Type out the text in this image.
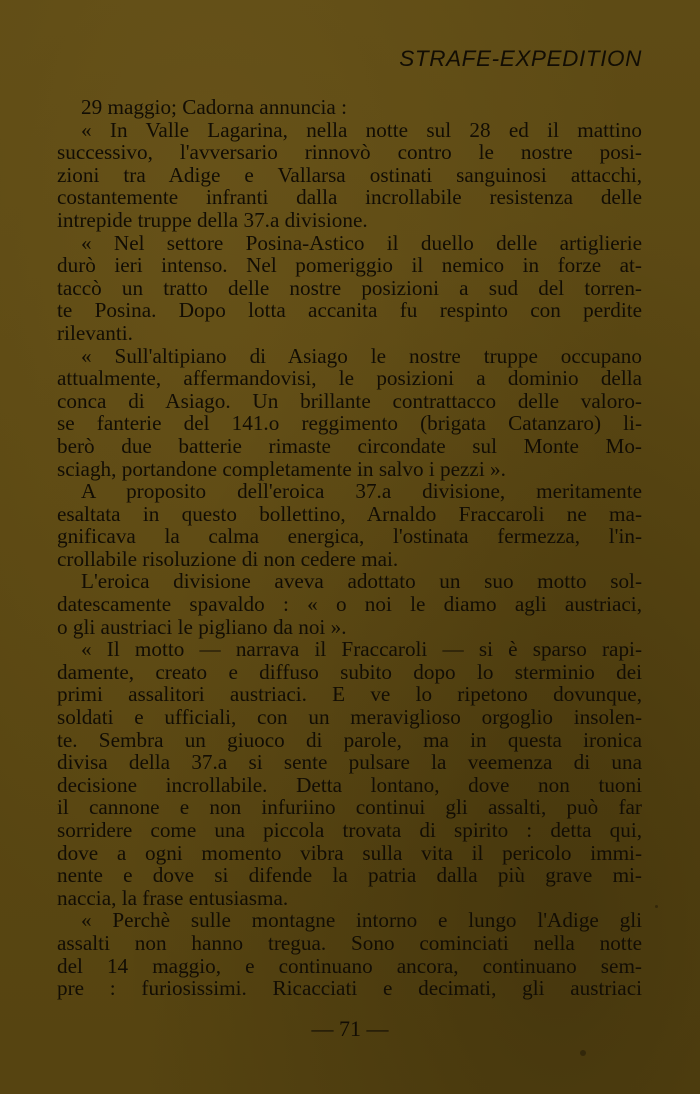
STRAFE-EXPEDITION
29 maggio; Cadorna annuncia :
« In Valle Lagarina, nella notte sul 28 ed il mattino
successivo, l'avversario rinnovò contro le nostre posi-
zioni tra Adige e Vallarsa ostinati sanguinosi attacchi,
costantemente infranti dalla incrollabile resistenza delle
intrepide truppe della 37.a divisione.
« Nel settore Posina-Astico il duello delle artiglierie
durò ieri intenso. Nel pomeriggio il nemico in forze at-
taccò un tratto delle nostre posizioni a sud del torren-
te Posina. Dopo lotta accanita fu respinto con perdite
rilevanti.
« Sull'altipiano di Asiago le nostre truppe occupano
attualmente, affermandovisi, le posizioni a dominio della
conca di Asiago. Un brillante contrattacco delle valoro-
se fanterie del 141.o reggimento (brigata Catanzaro) li-
berò due batterie rimaste circondate sul Monte Mo-
sciagh, portandone completamente in salvo i pezzi ».
A proposito dell'eroica 37.a divisione, meritamente
esaltata in questo bollettino, Arnaldo Fraccaroli ne ma-
gnificava la calma energica, l'ostinata fermezza, l'in-
crollabile risoluzione di non cedere mai.
L'eroica divisione aveva adottato un suo motto sol-
datescamente spavaldo : « o noi le diamo agli austriaci,
o gli austriaci le pigliano da noi ».
« Il motto — narrava il Fraccaroli — si è sparso rapi-
damente, creato e diffuso subito dopo lo sterminio dei
primi assalitori austriaci. E ve lo ripetono dovunque,
soldati e ufficiali, con un meraviglioso orgoglio insolen-
te. Sembra un giuoco di parole, ma in questa ironica
divisa della 37.a si sente pulsare la veemenza di una
decisione incrollabile. Detta lontano, dove non tuoni
il cannone e non infuriino continui gli assalti, può far
sorridere come una piccola trovata di spirito : detta qui,
dove a ogni momento vibra sulla vita il pericolo immi-
nente e dove si difende la patria dalla più grave mi-
naccia, la frase entusiasma.
« Perchè sulle montagne intorno e lungo l'Adige gli
assalti non hanno tregua. Sono cominciati nella notte
del 14 maggio, e continuano ancora, continuano sem-
pre : furiosissimi. Ricacciati e decimati, gli austriaci
— 71 —
